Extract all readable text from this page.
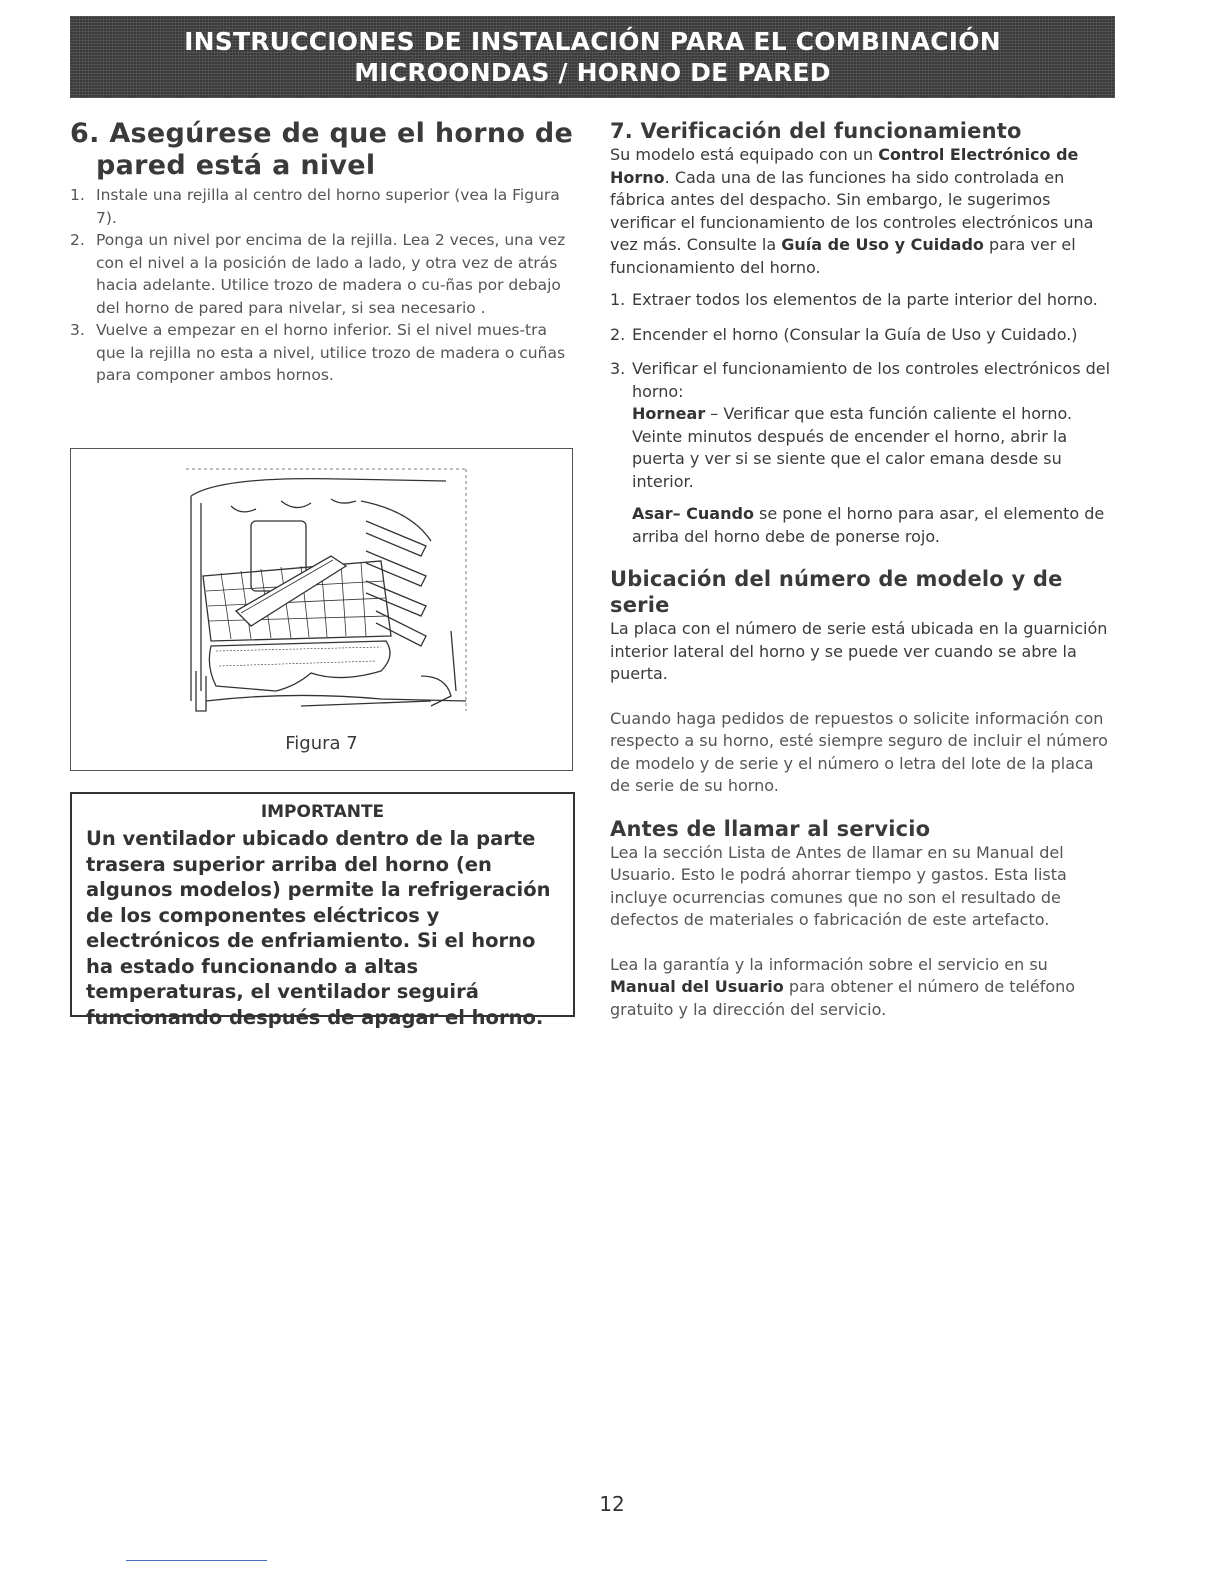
INSTRUCCIONES DE INSTALACIÓN PARA EL COMBINACIÓN
MICROONDAS / HORNO DE PARED
6. Asegúrese de que el horno de
pared está a nivel
1. Instale una rejilla al centro del horno superior (vea la Figura 7).
2. Ponga un nivel por encima de la rejilla. Lea 2 veces, una vez con el nivel a la posición de lado a lado, y otra vez de atrás hacia adelante. Utilice trozo de madera o cu-ñas por debajo del horno de pared para nivelar, si sea necesario .
3. Vuelve a empezar en el horno inferior. Si el nivel mues-tra que la rejilla no esta a nivel, utilice trozo de madera o cuñas para componer ambos hornos.
Figura 7
IMPORTANTE
Un ventilador ubicado dentro de la parte trasera superior arriba del horno (en algunos modelos) permite la refrigeración de los componentes eléctricos y electrónicos de enfriamiento. Si el horno ha estado funcionando a altas temperaturas, el ventilador seguirá funcionando después de apagar el horno.
7. Verificación del funcionamiento

Su modelo está equipado con un Control Electrónico de Horno. Cada una de las funciones ha sido controlada en fábrica antes del despacho. Sin embargo, le sugerimos verificar el funcionamiento de los controles electrónicos una vez más. Consulte la Guía de Uso y Cuidado para ver el funcionamiento del horno.

1. Extraer todos los elementos de la parte interior del horno.
2. Encender el horno (Consular la Guía de Uso y Cuidado.)
3. Verificar el funcionamiento de los controles electrónicos del horno:
Hornear – Verificar que esta función caliente el horno. Veinte minutos después de encender el horno, abrir la puerta y ver si se siente que el calor emana desde su interior.
Asar– Cuando se pone el horno para asar, el elemento de arriba del horno debe de ponerse rojo.
Ubicación del número de modelo y de serie

La placa con el número de serie está ubicada en la guarnición interior lateral del horno y se puede ver cuando se abre la puerta.

Cuando haga pedidos de repuestos o solicite información con respecto a su horno, esté siempre seguro de incluir el número de modelo y de serie y el número o letra del lote de la placa de serie de su horno.

Antes de llamar al servicio

Lea la sección Lista de Antes de llamar en su Manual del Usuario. Esto le podrá ahorrar tiempo y gastos. Esta lista incluye ocurrencias comunes que no son el resultado de defectos de materiales o fabricación de este artefacto.

Lea la garantía y la información sobre el servicio en su Manual del Usuario para obtener el número de teléfono gratuito y la dirección del servicio.

12
